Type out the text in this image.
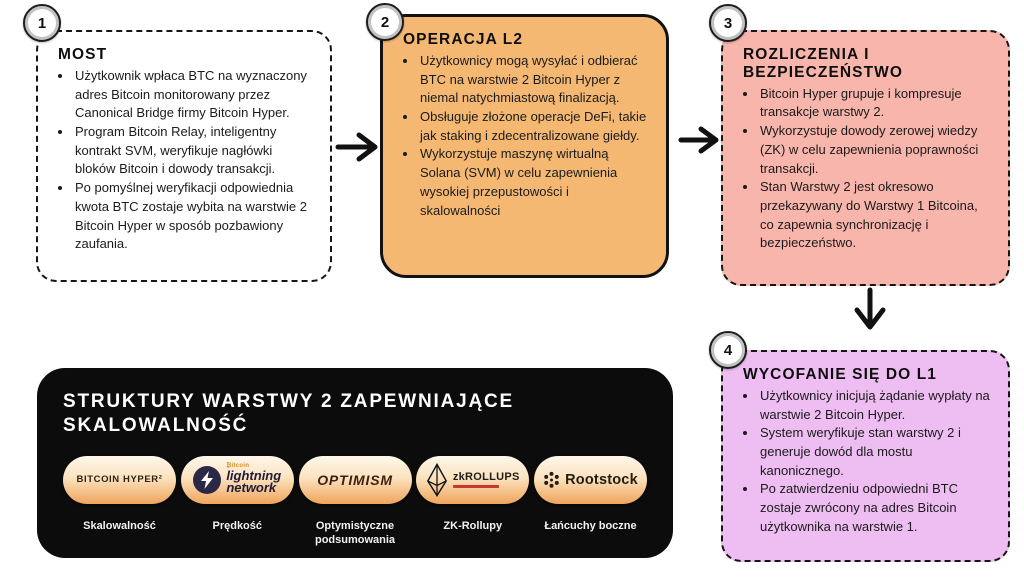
MOST
• Użytkownik wpłaca BTC na wyznaczony adres Bitcoin monitorowany przez Canonical Bridge firmy Bitcoin Hyper.
• Program Bitcoin Relay, inteligentny kontrakt SVM, weryfikuje nagłówki bloków Bitcoin i dowody transakcji.
• Po pomyślnej weryfikacji odpowiednia kwota BTC zostaje wybita na warstwie 2 Bitcoin Hyper w sposób pozbawiony zaufania.
1
OPERACJA L2
• Użytkownicy mogą wysyłać i odbierać BTC na warstwie 2 Bitcoin Hyper z niemal natychmiastową finalizacją.
• Obsługuje złożone operacje DeFi, takie jak staking i zdecentralizowane giełdy.
• Wykorzystuje maszynę wirtualną Solana (SVM) w celu zapewnienia wysokiej przepustowości i skalowalności
2
ROZLICZENIA I BEZPIECZEŃSTWO
• Bitcoin Hyper grupuje i kompresuje transakcje warstwy 2.
• Wykorzystuje dowody zerowej wiedzy (ZK) w celu zapewnienia poprawności transakcji.
• Stan Warstwy 2 jest okresowo przekazywany do Warstwy 1 Bitcoina, co zapewnia synchronizację i bezpieczeństwo.
3
WYCOFANIE SIĘ DO L1
• Użytkownicy inicjują żądanie wypłaty na warstwie 2 Bitcoin Hyper.
• System weryfikuje stan warstwy 2 i generuje dowód dla mostu kanonicznego.
• Po zatwierdzeniu odpowiedni BTC zostaje zwrócony na adres Bitcoin użytkownika na warstwie 1.
4
STRUKTURY WARSTWY 2 ZAPEWNIAJĄCE
SKALOWALNOŚĆ
BITCOIN HYPER²
Skalowalność
₿itcoin
lightning
network
Prędkość
OPTIMISM
Optymistyczne podsumowania
zkROLLUPS
ZK-Rollupy
Rootstock
Łańcuchy boczne
